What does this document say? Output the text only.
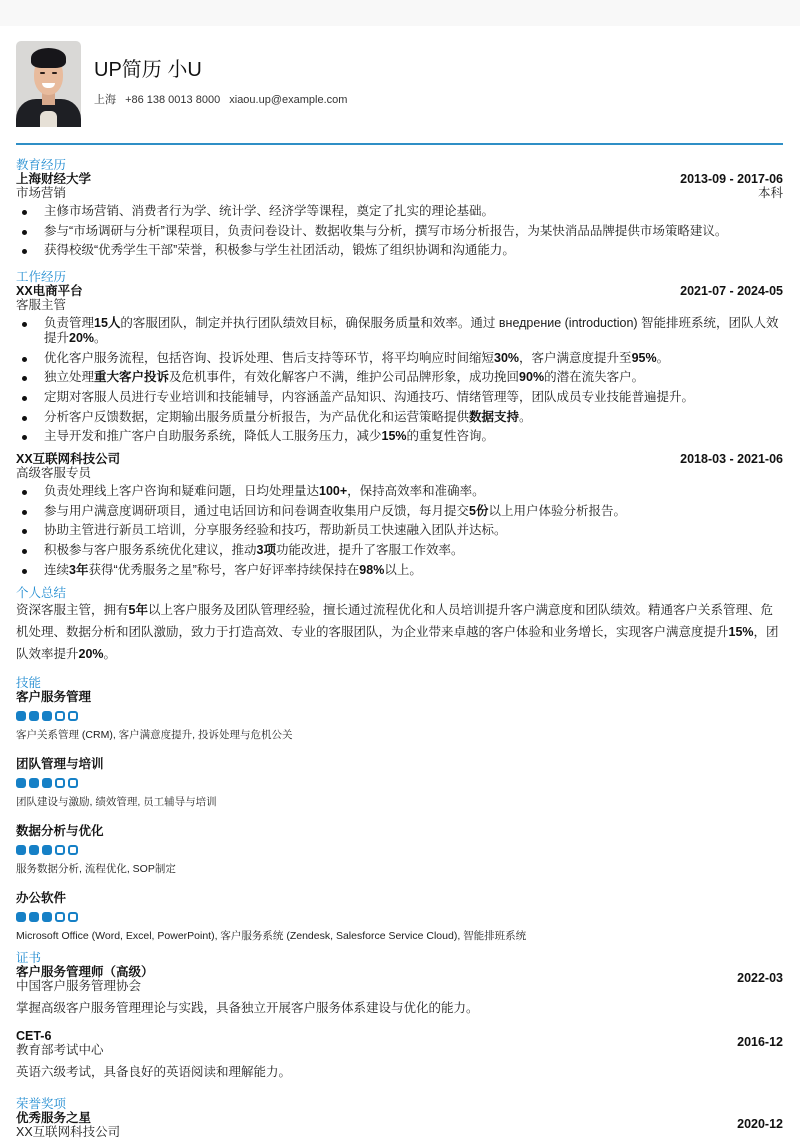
UP简历 小U
上海 +86 138 0013 8000 xiaou.up@example.com
教育经历
上海财经大学
市场营销
2013-09 - 2017-06
本科
主修市场营销、消费者行为学、统计学、经济学等课程，奠定了扎实的理论基础。
参与“市场调研与分析”课程项目，负责问卷设计、数据收集与分析，撰写市场分析报告，为某快消品品牌提供市场策略建议。
获得校级“优秀学生干部”荣誉，积极参与学生社团活动，锻炼了组织协调和沟通能力。
工作经历
XX电商平台
客服主管
2021-07 - 2024-05
负责管理15人的客服团队，制定并执行团队绩效目标，确保服务质量和效率。通过 внедрение (introduction) 智能排班系统，团队人效提升20%。
优化客户服务流程，包括咨询、投诉处理、售后支持等环节，将平均响应时间缩短30%，客户满意度提升至95%。
独立处理重大客户投诉及危机事件，有效化解客户不满，维护公司品牌形象，成功挽回90%的潜在流失客户。
定期对客服人员进行专业培训和技能辅导，内容涵盖产品知识、沟通技巧、情绪管理等，团队成员专业技能普遍提升。
分析客户反馈数据，定期输出服务质量分析报告，为产品优化和运营策略提供数据支持。
主导开发和推广客户自助服务系统，降低人工服务压力，减少15%的重复性咨询。
XX互联网科技公司
高级客服专员
2018-03 - 2021-06
负责处理线上客户咨询和疑难问题，日均处理量达100+，保持高效率和准确率。
参与用户满意度调研项目，通过电话回访和问卷调查收集用户反馈，每月提交5份以上用户体验分析报告。
协助主管进行新员工培训，分享服务经验和技巧，帮助新员工快速融入团队并达标。
积极参与客户服务系统优化建议，推动3项功能改进，提升了客服工作效率。
连续3年获得“优秀服务之星”称号，客户好评率持续保持在98%以上。
个人总结
资深客服主管，拥有5年以上客户服务及团队管理经验，擅长通过流程优化和人员培训提升客户满意度和团队绩效。精通客户关系管理、危机处理、数据分析和团队激励，致力于打造高效、专业的客服团队，为企业带来卓越的客户体验和业务增长，实现客户满意度提升15%，团队效率提升20%。
技能
客户服务管理
客户关系管理 (CRM), 客户满意度提升, 投诉处理与危机公关
团队管理与培训
团队建设与激励, 绩效管理, 员工辅导与培训
数据分析与优化
服务数据分析, 流程优化, SOP制定
办公软件
Microsoft Office (Word, Excel, PowerPoint), 客户服务系统 (Zendesk, Salesforce Service Cloud), 智能排班系统
证书
客户服务管理师（高级）
中国客户服务管理协会
2022-03
掌握高级客户服务管理理论与实践，具备独立开展客户服务体系建设与优化的能力。
CET-6
教育部考试中心
2016-12
英语六级考试，具备良好的英语阅读和理解能力。
荣誉奖项
优秀服务之星
XX互联网科技公司
2020-12
